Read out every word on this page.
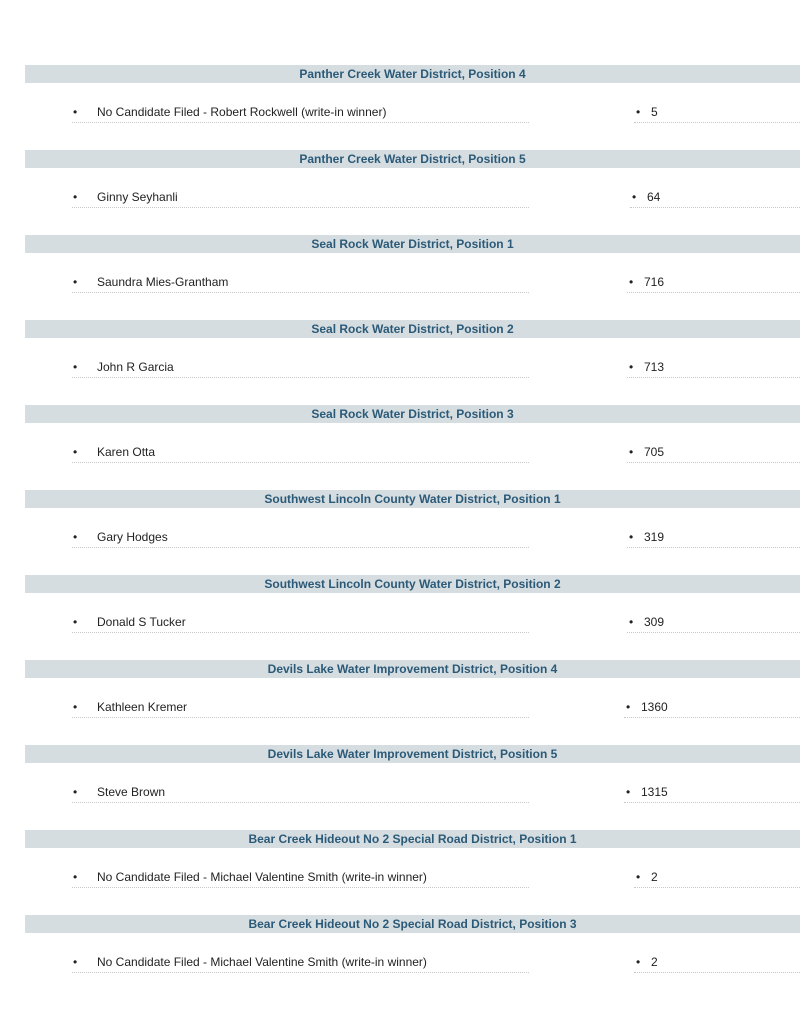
Panther Creek Water District, Position 4
• No Candidate Filed - Robert Rockwell (write-in winner)	• 5
Panther Creek Water District, Position 5
• Ginny Seyhanli	• 64
Seal Rock Water District, Position 1
• Saundra Mies-Grantham	• 716
Seal Rock Water District, Position 2
• John R Garcia	• 713
Seal Rock Water District, Position 3
• Karen Otta	• 705
Southwest Lincoln County Water District, Position 1
• Gary Hodges	• 319
Southwest Lincoln County Water District, Position 2
• Donald S Tucker	• 309
Devils Lake Water Improvement District, Position 4
• Kathleen Kremer	• 1360
Devils Lake Water Improvement District, Position 5
• Steve Brown	• 1315
Bear Creek Hideout No 2 Special Road District, Position 1
• No Candidate Filed - Michael Valentine Smith (write-in winner)	• 2
Bear Creek Hideout No 2 Special Road District, Position 3
• No Candidate Filed - Michael Valentine Smith (write-in winner)	• 2
